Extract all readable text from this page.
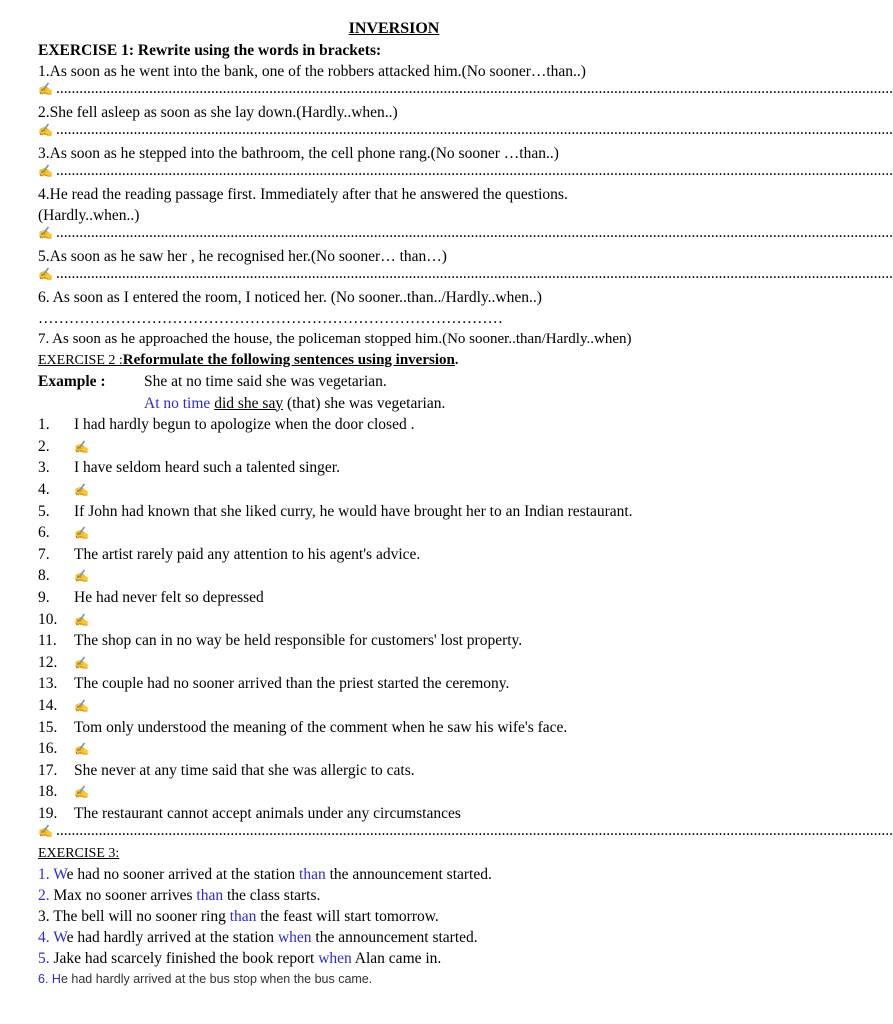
INVERSION
EXERCISE 1: Rewrite using the words in brackets:
1.As soon as he went into the bank, one of the robbers attacked him.(No sooner…than..)
✍ ........................................................................................................................................................................................................................
2.She fell asleep as soon as she lay down.(Hardly..when..)
✍ ........................................................................................................................................................................................................................
3.As soon as he stepped into the bathroom, the cell phone rang.(No sooner …than..)
✍ ........................................................................................................................................................................................................................
4.He read the reading passage first. Immediately after that he answered the questions.
(Hardly..when..)
✍ ........................................................................................................................................................................................................................
5.As soon as he saw her , he recognised her.(No sooner… than…)
✍ ........................................................................................................................................................................................................................
6. As soon as I entered the room, I noticed her. (No sooner..than../Hardly..when..)
………………………………………………………………………………
7. As soon as he approached the house, the policeman stopped him.(No sooner..than/Hardly..when)
EXERCISE 2 :Reformulate the following sentences using inversion.
Example :	She at no time said she was vegetarian.
At no time did she say (that) she was vegetarian.
1. I had hardly begun to apologize when the door closed .
2. ✍
3. I have seldom heard such a talented singer.
4. ✍
5. If John had known that she liked curry, he would have brought her to an Indian restaurant.
6. ✍
7. The artist rarely paid any attention to his agent's advice.
8. ✍
9. He had never felt so depressed
10. ✍
11. The shop can in no way be held responsible for customers' lost property.
12. ✍
13. The couple had no sooner arrived than the priest started the ceremony.
14. ✍
15. Tom only understood the meaning of the comment when he saw his wife's face.
16. ✍
17. She never at any time said that she was allergic to cats.
18. ✍
19. The restaurant cannot accept animals under any circumstances
✍ ........................................................................................................................................................................................................................
EXERCISE 3:
1. We had no sooner arrived at the station than the announcement started.
2. Max no sooner arrives than the class starts.
3. The bell will no sooner ring than the feast will start tomorrow.
4. We had hardly arrived at the station when the announcement started.
5. Jake had scarcely finished the book report when Alan came in.
6. He had hardly arrived at the bus stop when the bus came.
